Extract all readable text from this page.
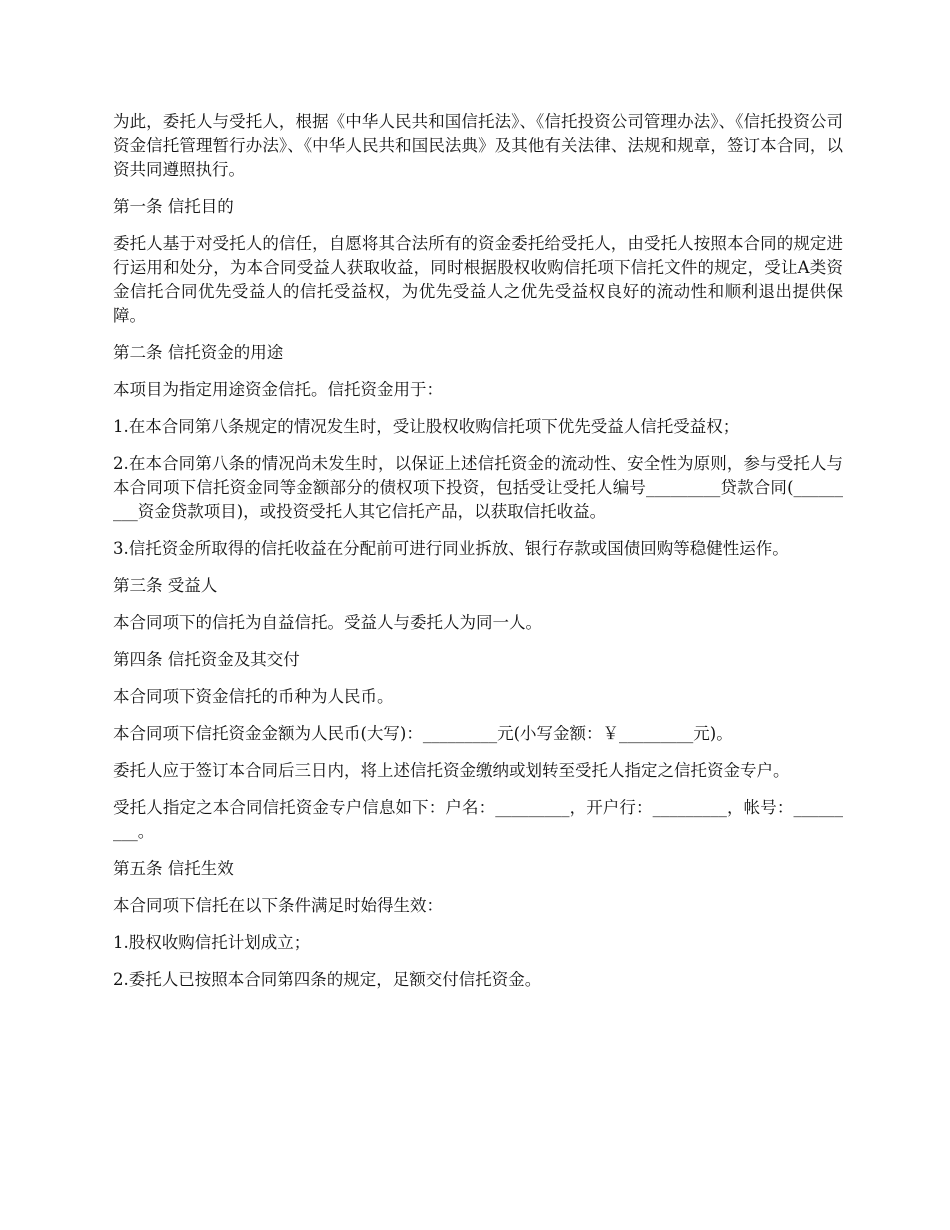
为此，委托人与受托人，根据《中华人民共和国信托法》、《信托投资公司管理办法》、《信托投资公司资金信托管理暂行办法》、《中华人民共和国民法典》及其他有关法律、法规和规章，签订本合同，以资共同遵照执行。

第一条 信托目的

委托人基于对受托人的信任，自愿将其合法所有的资金委托给受托人，由受托人按照本合同的规定进行运用和处分，为本合同受益人获取收益，同时根据股权收购信托项下信托文件的规定，受让A类资金信托合同优先受益人的信托受益权，为优先受益人之优先受益权良好的流动性和顺利退出提供保障。

第二条 信托资金的用途

本项目为指定用途资金信托。信托资金用于：

1.在本合同第八条规定的情况发生时，受让股权收购信托项下优先受益人信托受益权；

2.在本合同第八条的情况尚未发生时，以保证上述信托资金的流动性、安全性为原则，参与受托人与本合同项下信托资金同等金额部分的债权项下投资，包括受让受托人编号_________贷款合同(_________资金贷款项目)，或投资受托人其它信托产品，以获取信托收益。

3.信托资金所取得的信托收益在分配前可进行同业拆放、银行存款或国债回购等稳健性运作。

第三条 受益人

本合同项下的信托为自益信托。受益人与委托人为同一人。

第四条 信托资金及其交付

本合同项下资金信托的币种为人民币。

本合同项下信托资金金额为人民币(大写)：_________元(小写金额：￥_________元)。

委托人应于签订本合同后三日内，将上述信托资金缴纳或划转至受托人指定之信托资金专户。

受托人指定之本合同信托资金专户信息如下：户名：_________，开户行：_________，帐号：_________。

第五条 信托生效

本合同项下信托在以下条件满足时始得生效：

1.股权收购信托计划成立；

2.委托人已按照本合同第四条的规定，足额交付信托资金。
